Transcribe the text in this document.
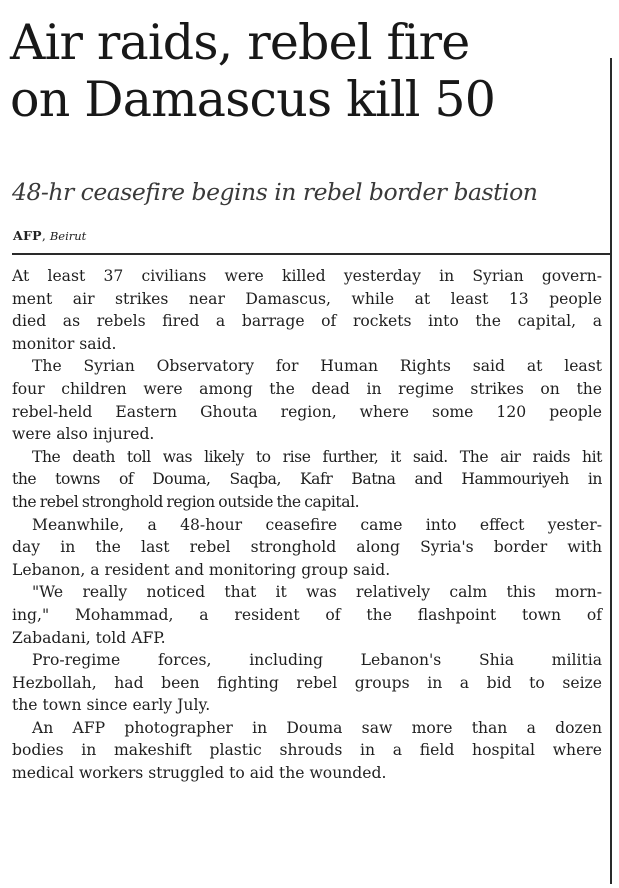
Air raids, rebel fire
on Damascus kill 50
48-hr ceasefire begins in rebel border bastion
AFP, Beirut

At least 37 civilians were killed yesterday in Syrian govern-
ment air strikes near Damascus, while at least 13 people
died as rebels fired a barrage of rockets into the capital, a
monitor said.

The Syrian Observatory for Human Rights said at least
four children were among the dead in regime strikes on the
rebel-held Eastern Ghouta region, where some 120 people
were also injured.

The death toll was likely to rise further, it said. The air raids hit
the towns of Douma, Saqba, Kafr Batna and Hammouriyeh in
the rebel stronghold region outside the capital.

Meanwhile, a 48-hour ceasefire came into effect yester-
day in the last rebel stronghold along Syria's border with
Lebanon, a resident and monitoring group said.

"We really noticed that it was relatively calm this morn-
ing," Mohammad, a resident of the flashpoint town of
Zabadani, told AFP.

Pro-regime forces, including Lebanon's Shia militia
Hezbollah, had been fighting rebel groups in a bid to seize
the town since early July.

An AFP photographer in Douma saw more than a dozen
bodies in makeshift plastic shrouds in a field hospital where
medical workers struggled to aid the wounded.
